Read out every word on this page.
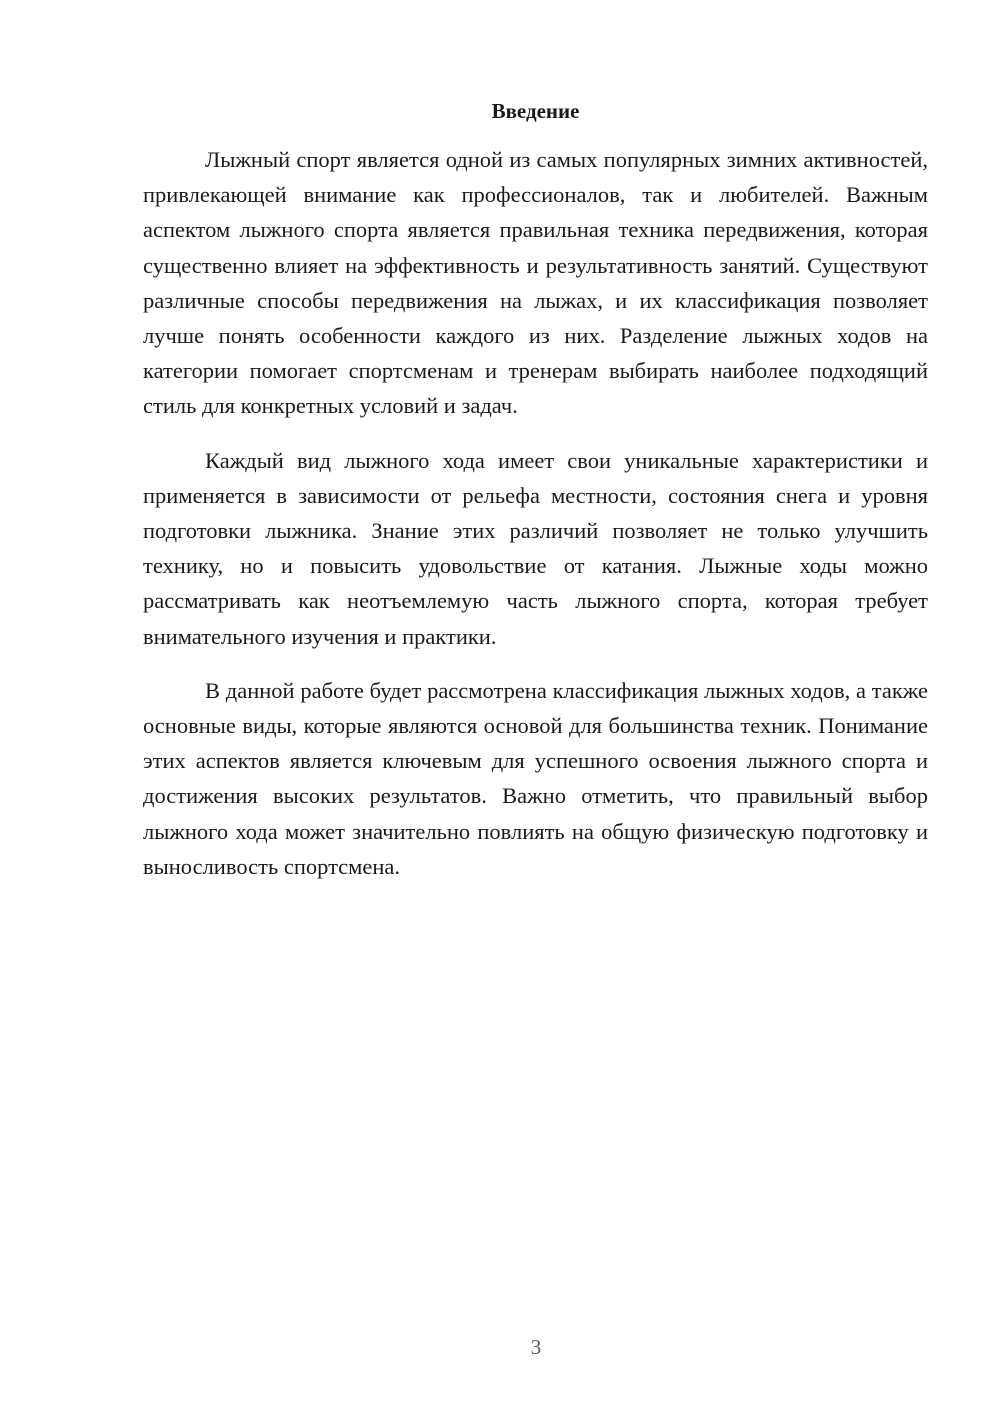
Введение

Лыжный спорт является одной из самых популярных зимних активностей, привлекающей внимание как профессионалов, так и любителей. Важным аспектом лыжного спорта является правильная техника передвижения, которая существенно влияет на эффективность и результативность занятий. Существуют различные способы передвижения на лыжах, и их классификация позволяет лучше понять особенности каждого из них. Разделение лыжных ходов на категории помогает спортсменам и тренерам выбирать наиболее подходящий стиль для конкретных условий и задач.

Каждый вид лыжного хода имеет свои уникальные характеристики и применяется в зависимости от рельефа местности, состояния снега и уровня подготовки лыжника. Знание этих различий позволяет не только улучшить технику, но и повысить удовольствие от катания. Лыжные ходы можно рассматривать как неотъемлемую часть лыжного спорта, которая требует внимательного изучения и практики.

В данной работе будет рассмотрена классификация лыжных ходов, а также основные виды, которые являются основой для большинства техник. Понимание этих аспектов является ключевым для успешного освоения лыжного спорта и достижения высоких результатов. Важно отметить, что правильный выбор лыжного хода может значительно повлиять на общую физическую подготовку и выносливость спортсмена.

3
